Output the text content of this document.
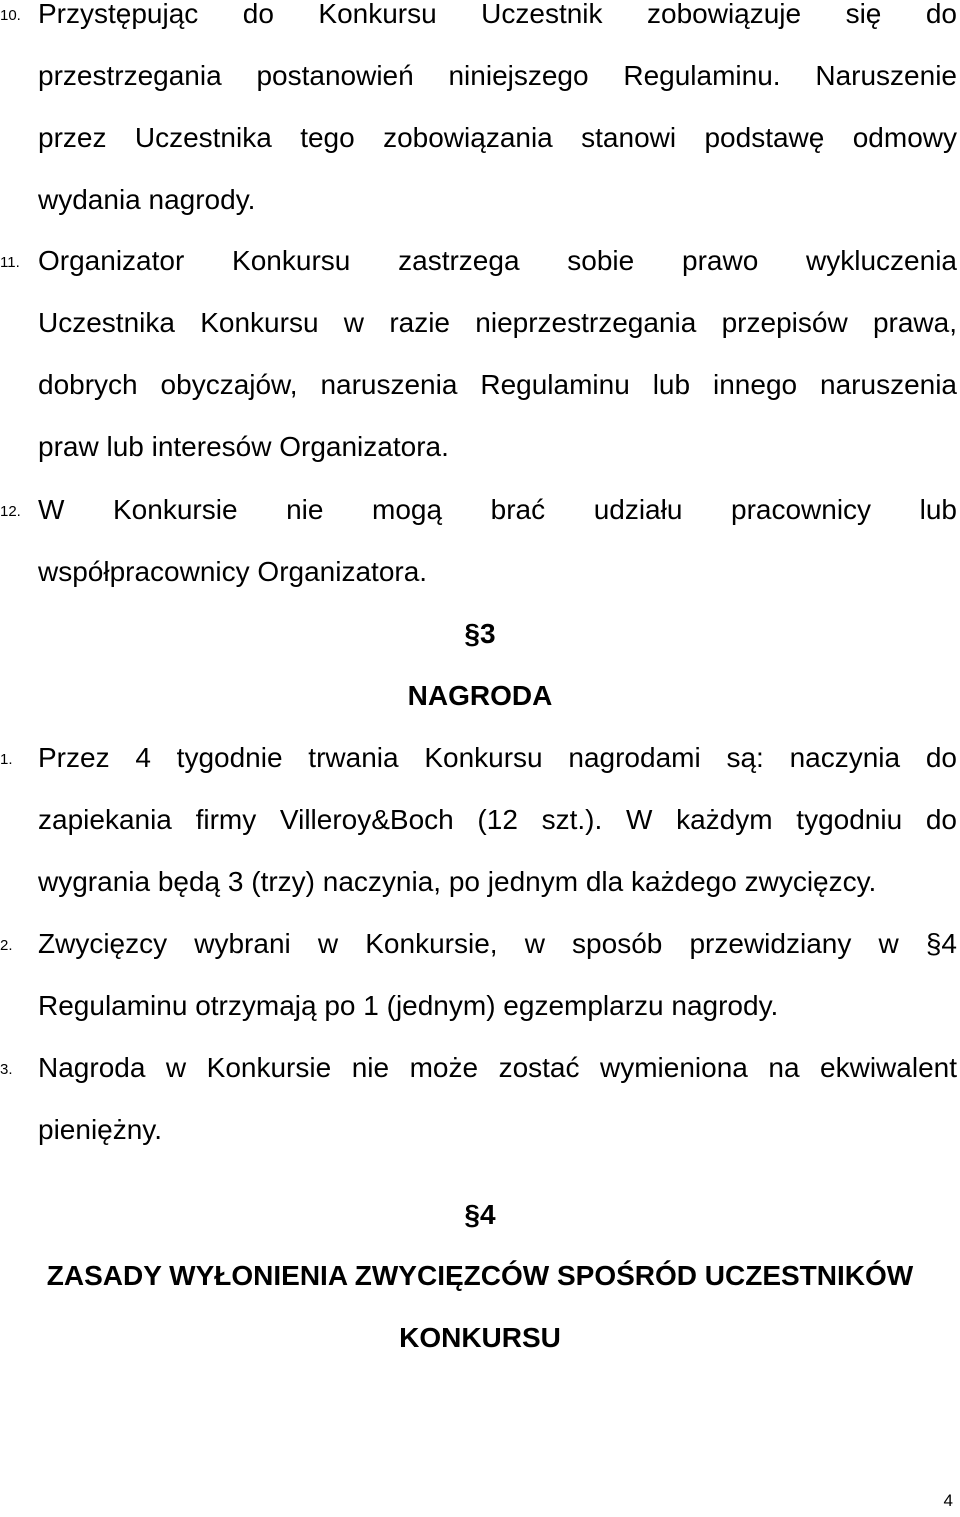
10. Przystępując do Konkursu Uczestnik zobowiązuje się do
przestrzegania postanowień niniejszego Regulaminu. Naruszenie
przez Uczestnika tego zobowiązania stanowi podstawę odmowy
wydania nagrody.
11. Organizator Konkursu zastrzega sobie prawo wykluczenia
Uczestnika Konkursu w razie nieprzestrzegania przepisów prawa,
dobrych obyczajów, naruszenia Regulaminu lub innego naruszenia
praw lub interesów Organizatora.
12. W Konkursie nie mogą brać udziału pracownicy lub
współpracownicy Organizatora.
§3
NAGRODA
1. Przez 4 tygodnie trwania Konkursu nagrodami są: naczynia do
zapiekania firmy Villeroy&Boch (12 szt.). W każdym tygodniu do
wygrania będą 3 (trzy) naczynia, po jednym dla każdego zwycięzcy.
2. Zwycięzcy wybrani w Konkursie, w sposób przewidziany w §4
Regulaminu otrzymają po 1 (jednym) egzemplarzu nagrody.
3. Nagroda w Konkursie nie może zostać wymieniona na ekwiwalent
pieniężny.
§4
ZASADY WYŁONIENIA ZWYCIĘZCÓW SPOŚRÓD UCZESTNIKÓW
KONKURSU
4
